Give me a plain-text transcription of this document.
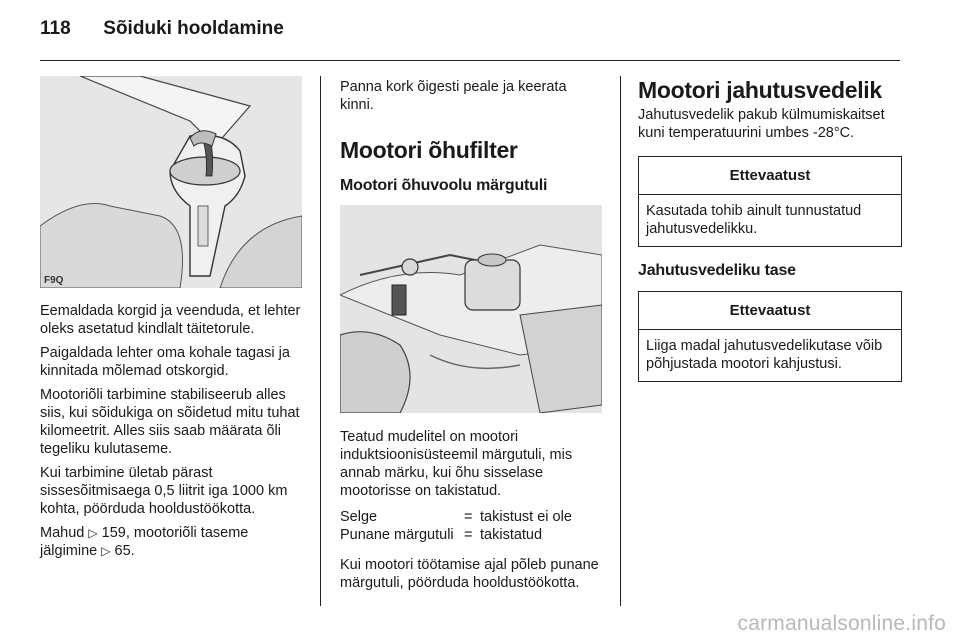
118 Sõiduki hooldamine
F9Q

Eemaldada korgid ja veenduda, et lehter oleks asetatud kindlalt täitetorule.

Paigaldada lehter oma kohale tagasi ja kinnitada mõlemad otskorgid.

Mootoriõli tarbimine stabiliseerub alles siis, kui sõidukiga on sõidetud mitu tuhat kilomeetrit. Alles siis saab määrata õli tegeliku kulutaseme.

Kui tarbimine ületab pärast sissesõitmisaega 0,5 liitrit iga 1000 km kohta, pöörduda hooldustöökotta.

Mahud ▷ 159, mootoriõli taseme jälgimine ▷ 65.

Panna kork õigesti peale ja keerata kinni.

Mootori õhufilter
Mootori õhuvoolu märgutuli

Teatud mudelitel on mootori induktsioonisüsteemil märgutuli, mis annab märku, kui õhu sisselase mootorisse on takistatud.

Selge	= takistust ei ole
Punane märgutuli = takistatud

Kui mootori töötamise ajal põleb punane märgutuli, pöörduda hooldustöökotta.

Mootori jahutusvedelik

Jahutusvedelik pakub külmumiskaitset kuni temperatuurini umbes -28°C.

Ettevaatust
Kasutada tohib ainult tunnustatud jahutusvedelikku.
Jahutusvedeliku tase
Ettevaatust
Liiga madal jahutusvedelikutase võib põhjustada mootori kahjustusi.
carmanualsonline.info
